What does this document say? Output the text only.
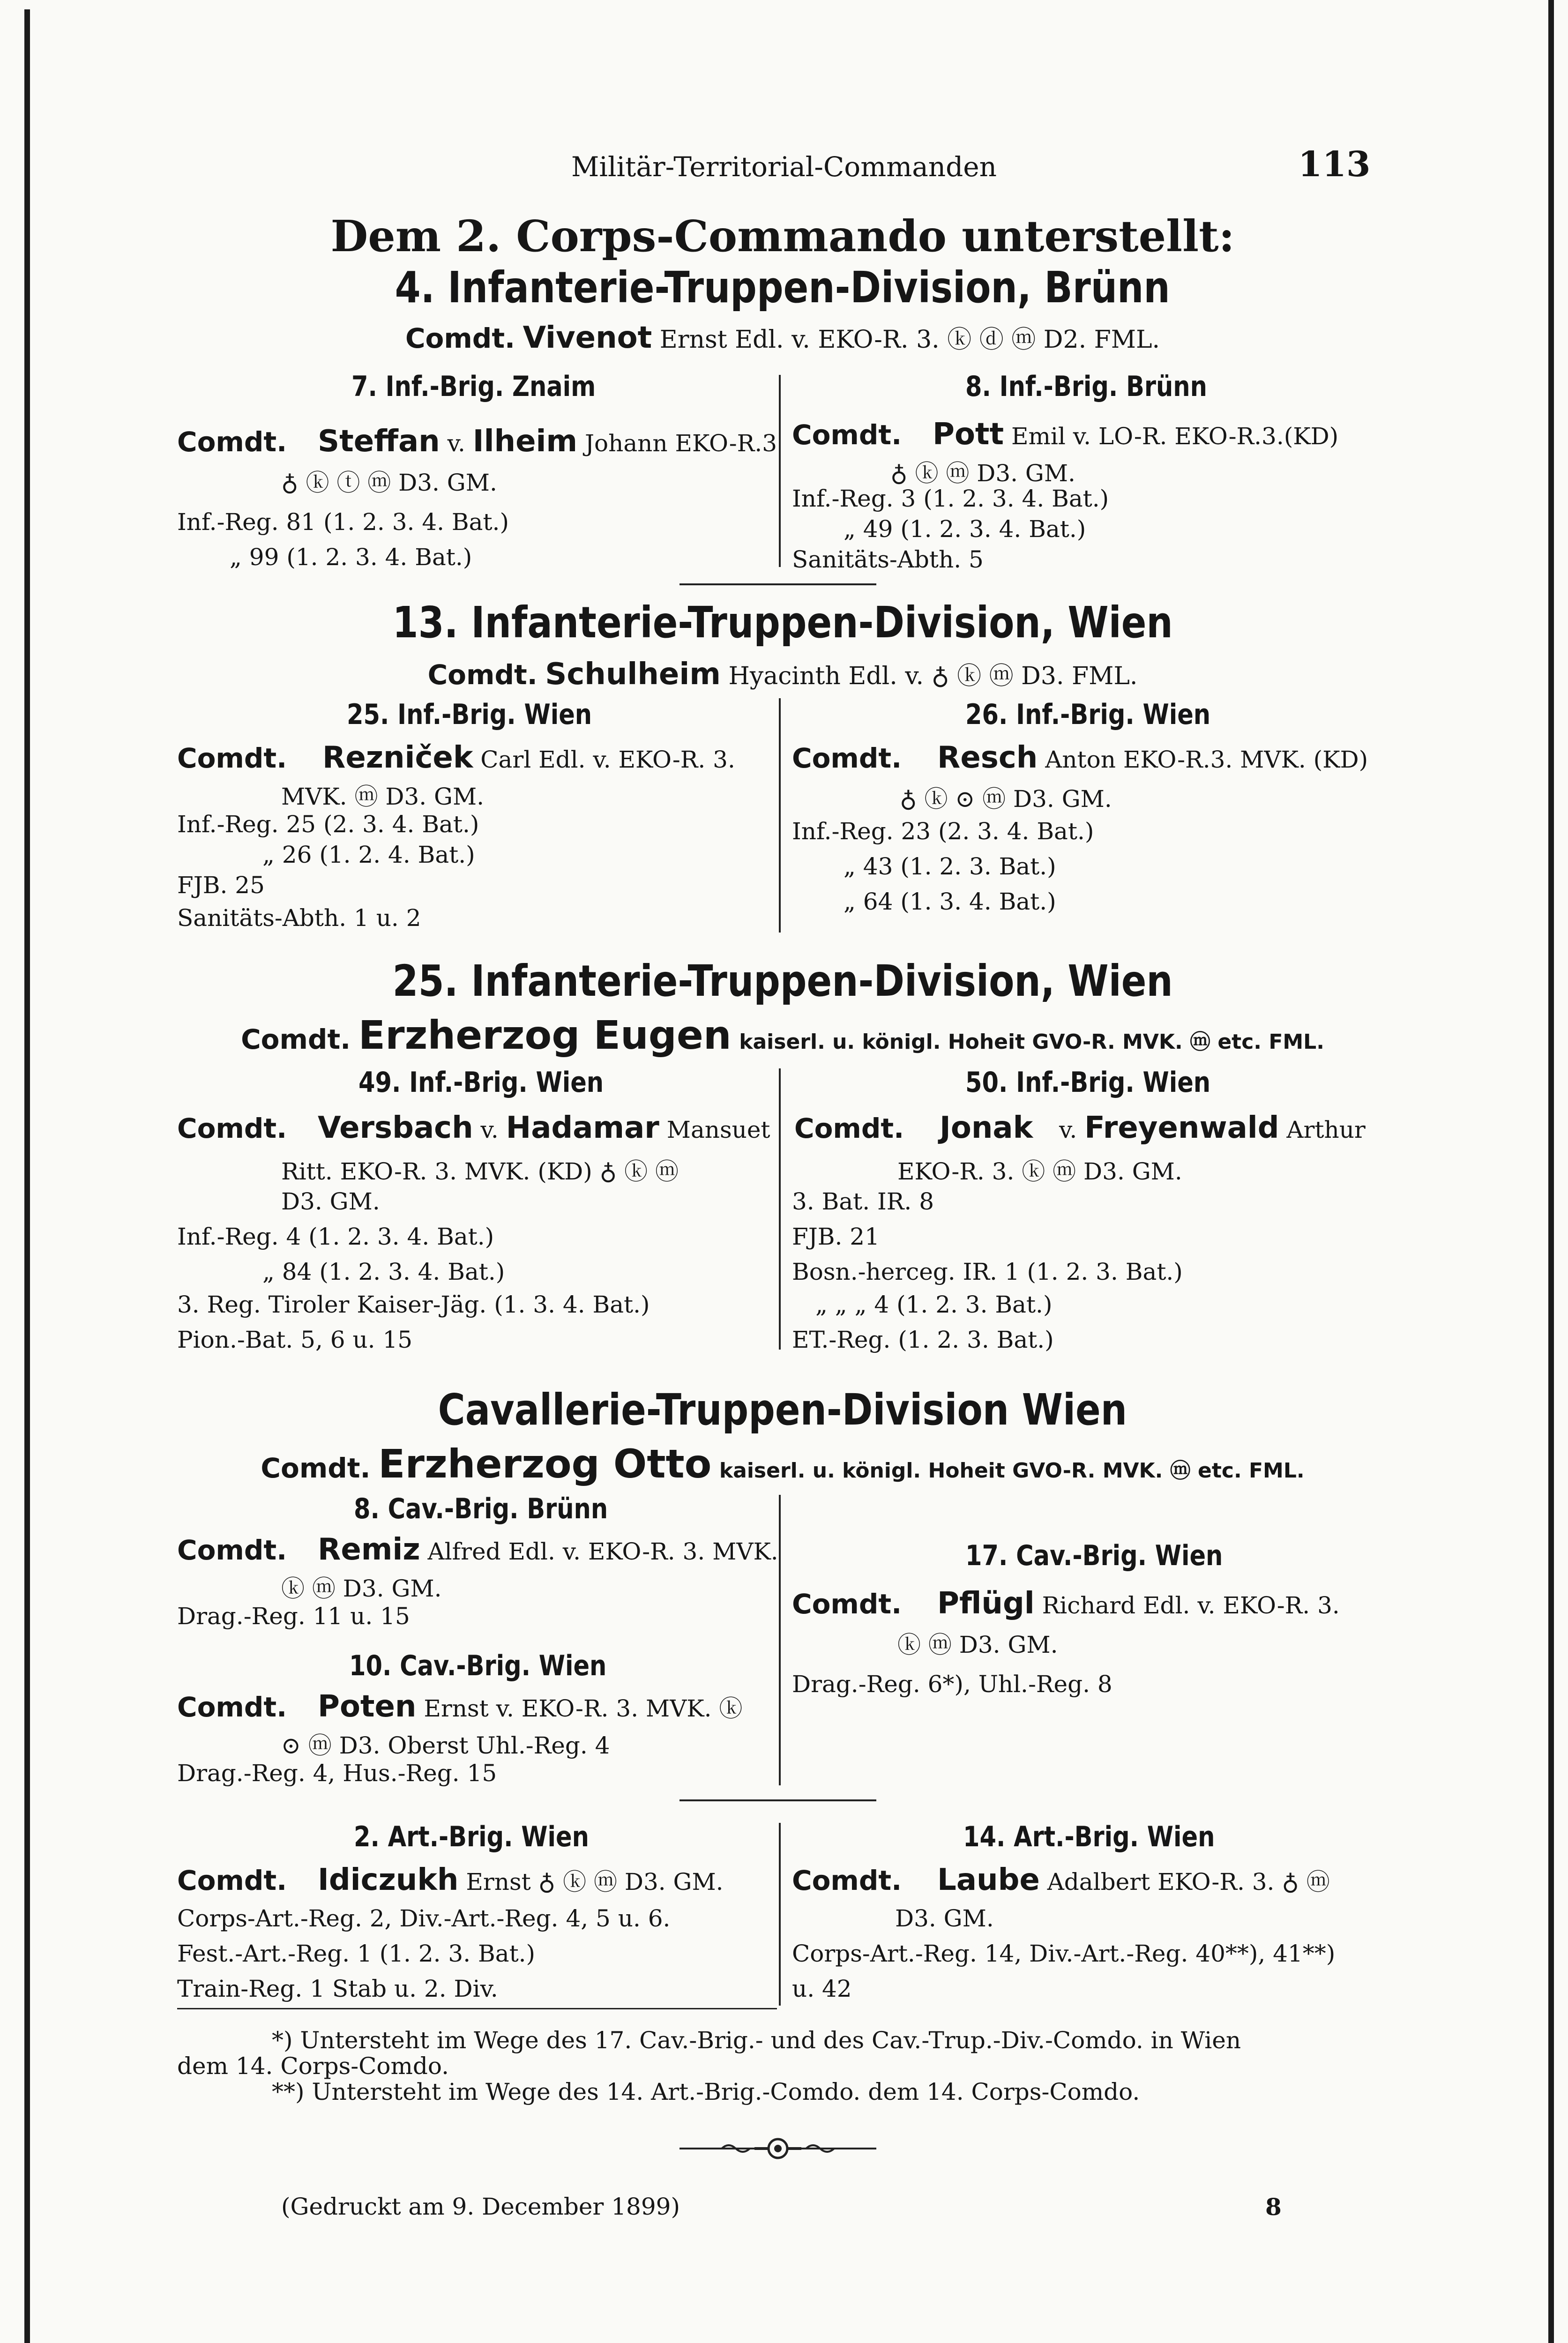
Militär-Territorial-Commanden	113
Dem 2. Corps-Commando unterstellt:
4. Infanterie-Truppen-Division, Brünn
Comdt. Vivenot Ernst Edl. v. EKO-R. 3. ⓚ ⓓ ⓜ D2. FML.
7. Inf.-Brig. Znaim
Comdt. Steffan v. Ilheim Johann EKO-R.3
♁ ⓚ ⓣ ⓜ D3. GM.
Inf.-Reg. 81 (1. 2. 3. 4. Bat.)
„ 99 (1. 2. 3. 4. Bat.)
8. Inf.-Brig. Brünn
Comdt. Pott Emil v. LO-R. EKO-R.3.(KD)
♁ ⓚ ⓜ D3. GM.
Inf.-Reg. 3 (1. 2. 3. 4. Bat.)
„ 49 (1. 2. 3. 4. Bat.)
Sanitäts-Abth. 5
13. Infanterie-Truppen-Division, Wien
Comdt. Schulheim Hyacinth Edl. v. ♁ ⓚ ⓜ D3. FML.
25. Inf.-Brig. Wien
Comdt. Rezniček Carl Edl. v. EKO-R. 3.
MVK. ⓜ D3. GM.
Inf.-Reg. 25 (2. 3. 4. Bat.)
„ 26 (1. 2. 4. Bat.)
FJB. 25
Sanitäts-Abth. 1 u. 2
26. Inf.-Brig. Wien
Comdt. Resch Anton EKO-R.3. MVK. (KD)
♁ ⓚ ⊙ ⓜ D3. GM.
Inf.-Reg. 23 (2. 3. 4. Bat.)
„ 43 (1. 2. 3. Bat.)
„ 64 (1. 3. 4. Bat.)
25. Infanterie-Truppen-Division, Wien
Comdt. Erzherzog Eugen kaiserl. u. königl. Hoheit GVO-R. MVK. ⓜ etc. FML.
49. Inf.-Brig. Wien
Comdt. Versbach v. Hadamar Mansuet
Ritt. EKO-R. 3. MVK. (KD) ♁ ⓚ ⓜ
D3. GM.
Inf.-Reg. 4 (1. 2. 3. 4. Bat.)
„ 84 (1. 2. 3. 4. Bat.)
3. Reg. Tiroler Kaiser-Jäg. (1. 3. 4. Bat.)
Pion.-Bat. 5, 6 u. 15
50. Inf.-Brig. Wien
Comdt. Jonak v. Freyenwald Arthur
EKO-R. 3. ⓚ ⓜ D3. GM.
3. Bat. IR. 8
FJB. 21
Bosn.-herceg. IR. 1 (1. 2. 3. Bat.)
„ „ „ 4 (1. 2. 3. Bat.)
ET.-Reg. (1. 2. 3. Bat.)
Cavallerie-Truppen-Division Wien
Comdt. Erzherzog Otto kaiserl. u. königl. Hoheit GVO-R. MVK. ⓜ etc. FML.
8. Cav.-Brig. Brünn
Comdt. Remiz Alfred Edl. v. EKO-R. 3. MVK.
ⓚ ⓜ D3. GM.
Drag.-Reg. 11 u. 15
10. Cav.-Brig. Wien
Comdt. Poten Ernst v. EKO-R. 3. MVK. ⓚ
⊙ ⓜ D3. Oberst Uhl.-Reg. 4
Drag.-Reg. 4, Hus.-Reg. 15
17. Cav.-Brig. Wien
Comdt. Pflügl Richard Edl. v. EKO-R. 3.
ⓚ ⓜ D3. GM.
Drag.-Reg. 6*), Uhl.-Reg. 8
2. Art.-Brig. Wien
Comdt. Idiczukh Ernst ♁ ⓚ ⓜ D3. GM.
Corps-Art.-Reg. 2, Div.-Art.-Reg. 4, 5 u. 6.
Fest.-Art.-Reg. 1 (1. 2. 3. Bat.)
Train-Reg. 1 Stab u. 2. Div.
14. Art.-Brig. Wien
Comdt. Laube Adalbert EKO-R. 3. ♁ ⓜ
D3. GM.
Corps-Art.-Reg. 14, Div.-Art.-Reg. 40**), 41**)
u. 42
*) Untersteht im Wege des 17. Cav.-Brig.- und des Cav.-Trup.-Div.-Comdo. in Wien
dem 14. Corps-Comdo.
**) Untersteht im Wege des 14. Art.-Brig.-Comdo. dem 14. Corps-Comdo.
(Gedruckt am 9. December 1899)	8
